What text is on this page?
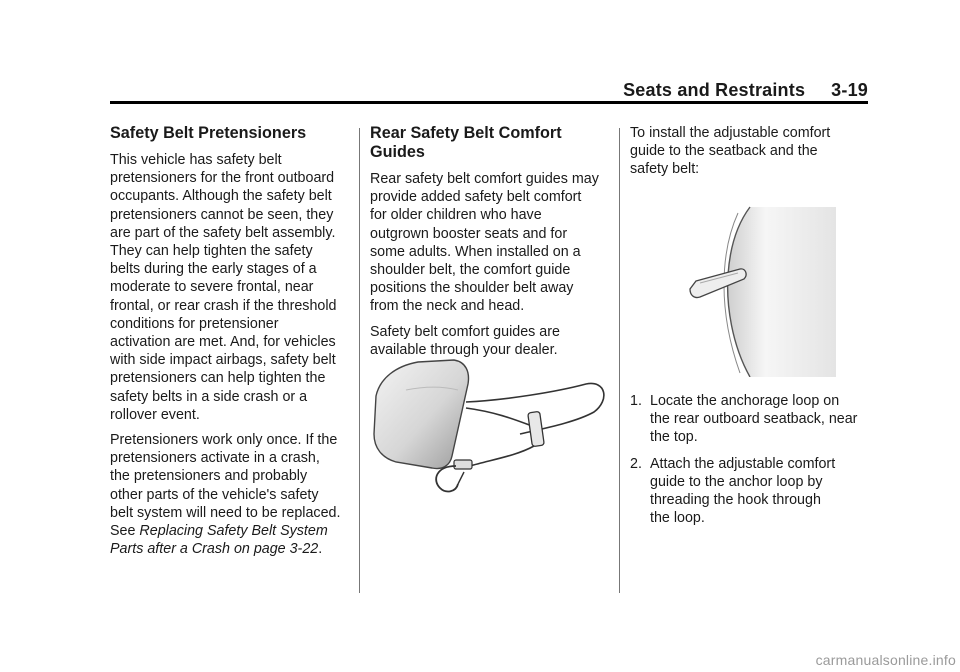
Seats and Restraints 3-19
Safety Belt Pretensioners

This vehicle has safety belt
pretensioners for the front outboard
occupants. Although the safety belt
pretensioners cannot be seen, they
are part of the safety belt assembly.
They can help tighten the safety
belts during the early stages of a
moderate to severe frontal, near
frontal, or rear crash if the threshold
conditions for pretensioner
activation are met. And, for vehicles
with side impact airbags, safety belt
pretensioners can help tighten the
safety belts in a side crash or a
rollover event.

Pretensioners work only once. If the
pretensioners activate in a crash,
the pretensioners and probably
other parts of the vehicle's safety
belt system will need to be replaced.
See Replacing Safety Belt System
Parts after a Crash on page 3-22.

Rear Safety Belt Comfort
Guides

Rear safety belt comfort guides may
provide added safety belt comfort
for older children who have
outgrown booster seats and for
some adults. When installed on a
shoulder belt, the comfort guide
positions the shoulder belt away
from the neck and head.

Safety belt comfort guides are
available through your dealer.

To install the adjustable comfort
guide to the seatback and the
safety belt:

1. Locate the anchorage loop on
the rear outboard seatback, near
the top.
2. Attach the adjustable comfort
guide to the anchor loop by
threading the hook through
the loop.
carmanualsonline.info
